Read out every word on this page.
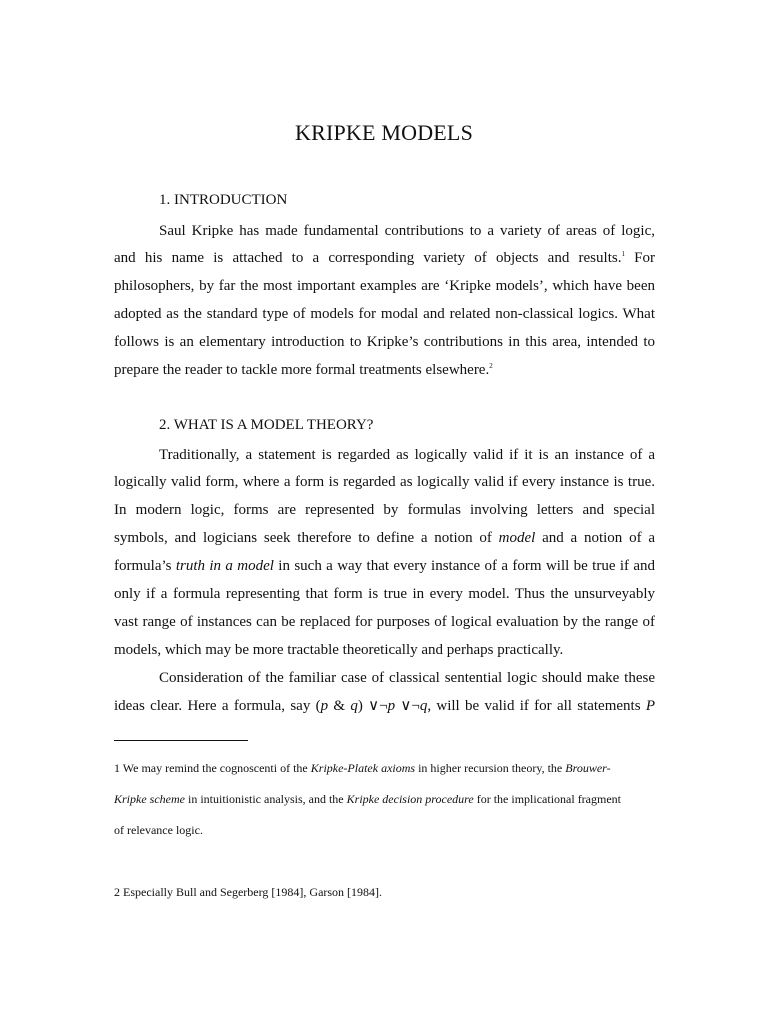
KRIPKE MODELS
1. INTRODUCTION
Saul Kripke has made fundamental contributions to a variety of areas of logic,
and his name is attached to a corresponding variety of objects and results.$^1$ For
philosophers, by far the most important examples are ‘Kripke models’, which have been
adopted as the standard type of models for modal and related non-classical logics. What
follows is an elementary introduction to Kripke’s contributions in this area, intended to
prepare the reader to tackle more formal treatments elsewhere.$^2$
2. WHAT IS A MODEL THEORY?
Traditionally, a statement is regarded as logically valid if it is an instance of a
logically valid form, where a form is regarded as logically valid if every instance is true.
In modern logic, forms are represented by formulas involving letters and special
symbols, and logicians seek therefore to define a notion of model and a notion of a
formula’s truth in a model in such a way that every instance of a form will be true if and
only if a formula representing that form is true in every model. Thus the unsurveyably
vast range of instances can be replaced for purposes of logical evaluation by the range of
models, which may be more tractable theoretically and perhaps practically.
Consideration of the familiar case of classical sentential logic should make these
ideas clear. Here a formula, say (p & q) ∨¬p ∨¬q, will be valid if for all statements P
1 We may remind the cognoscenti of the Kripke-Platek axioms in higher recursion theory, the Brouwer-
Kripke scheme in intuitionistic analysis, and the Kripke decision procedure for the implicational fragment
of relevance logic.
2 Especially Bull and Segerberg [1984], Garson [1984].
